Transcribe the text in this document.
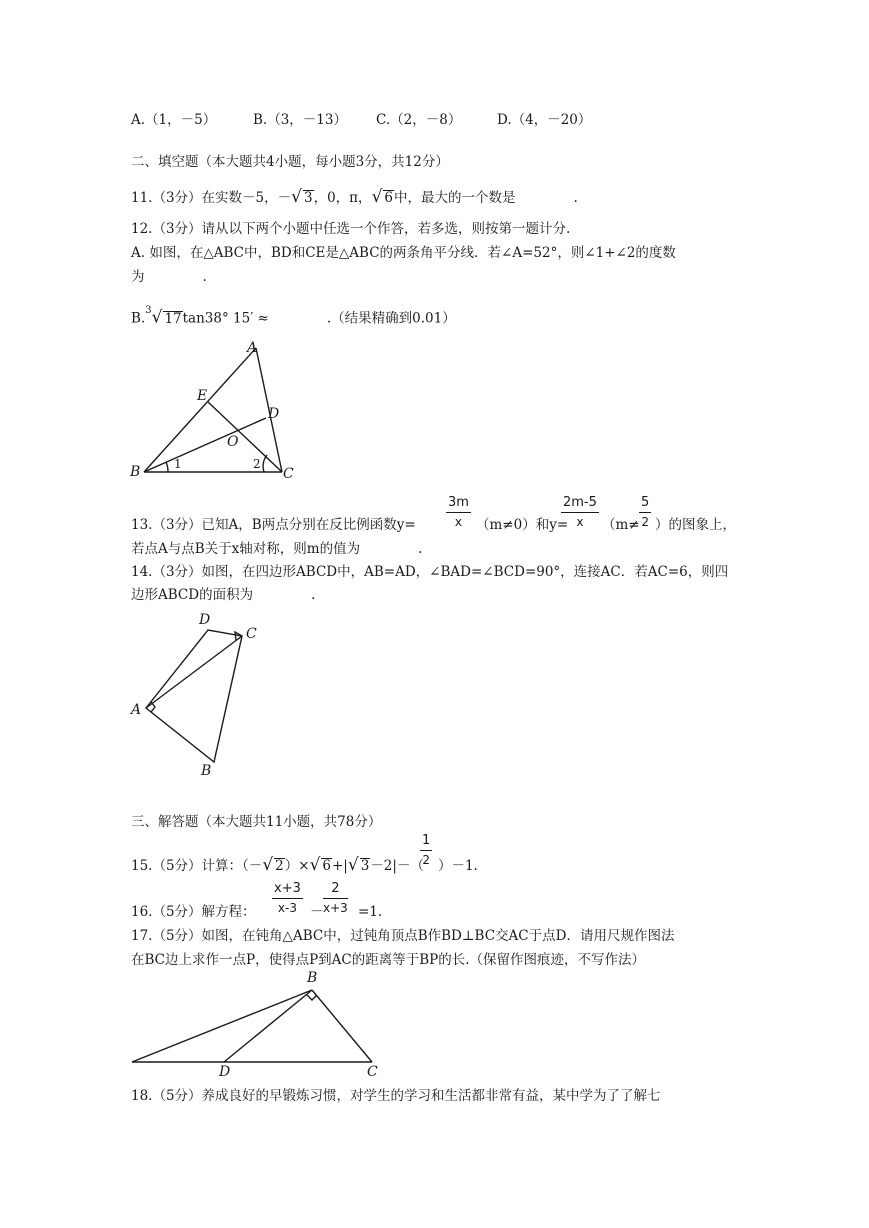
A.（1，－5）	B.（3，－13） C.（2，－8）	D.（4，－20）
二、填空题（本大题共4小题，每小题3分，共12分）
11.（3分）在实数－5，－√ 3，0，π，√ 6中，最大的一个数是	.
12.（3分）请从以下两个小题中任选一个作答，若多选，则按第一题计分.
A. 如图，在△ABC中，BD和CE是△ABC的两条角平分线．若∠A=52°，则∠1+∠2的度数
为	.
B.$^3$√ 17tan38° 15′ ≈	.（结果精确到0.01）
A
E
D
O
B	1	2
C
$\frac{3m}{x}$	$\frac{2m-5}{x}$	$\frac{5}{2}$
13.（3分）已知A，B两点分别在反比例函数y=	（m≠0）和y=	（m≠ ）的图象上，
若点A与点B关于x轴对称，则m的值为	.
14.（3分）如图，在四边形ABCD中，AB=AD，∠BAD=∠BCD=90°，连接AC．若AC=6，则四
边形ABCD的面积为	.
D
C
A
B
三、解答题（本大题共11小题，共78分）
$\frac{1}{2}$
15.（5分）计算：（－√ 2）×√ 6+|√ 3－2|－（ ）－1.
$\frac{x+3}{x-3} \frac{2}{x+3}$
16.（5分）解方程：	－	=1.
17.（5分）如图，在钝角△ABC中，过钝角顶点B作BD⊥BC交AC于点D．请用尺规作图法
在BC边上求作一点P，使得点P到AC的距离等于BP的长.（保留作图痕迹，不写作法）
B
D	C
18.（5分）养成良好的早锻炼习惯，对学生的学习和生活都非常有益，某中学为了了解七
